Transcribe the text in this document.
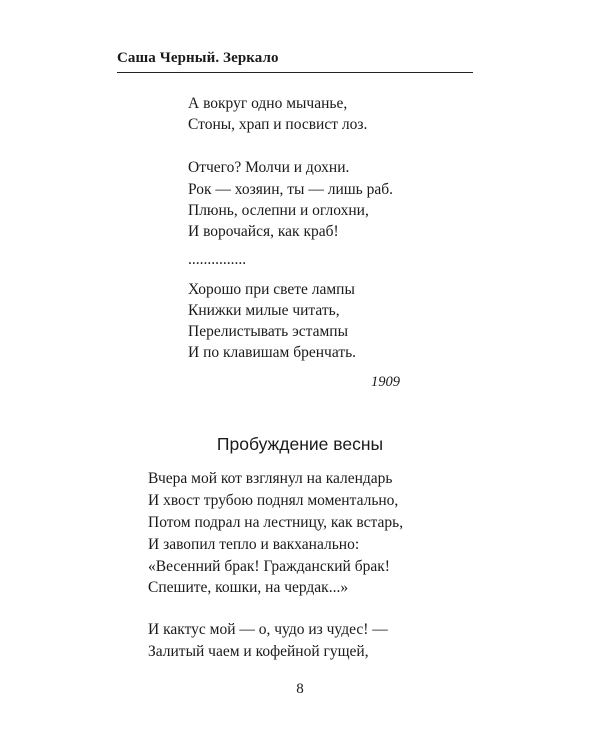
Саша Черный. Зеркало
А вокруг одно мычанье,
Стоны, храп и посвист лоз.
Отчего? Молчи и дохни.
Рок — хозяин, ты — лишь раб.
Плюнь, ослепни и оглохни,
И ворочайся, как краб!
...............
Хорошо при свете лампы
Книжки милые читать,
Перелистывать эстампы
И по клавишам бренчать.
1909
Пробуждение весны
Вчера мой кот взглянул на календарь
И хвост трубою поднял моментально,
Потом подрал на лестницу, как встарь,
И завопил тепло и вакханально:
«Весенний брак! Гражданский брак!
Спешите, кошки, на чердак...»
И кактус мой — о, чудо из чудес! —
Залитый чаем и кофейной гущей,
8
